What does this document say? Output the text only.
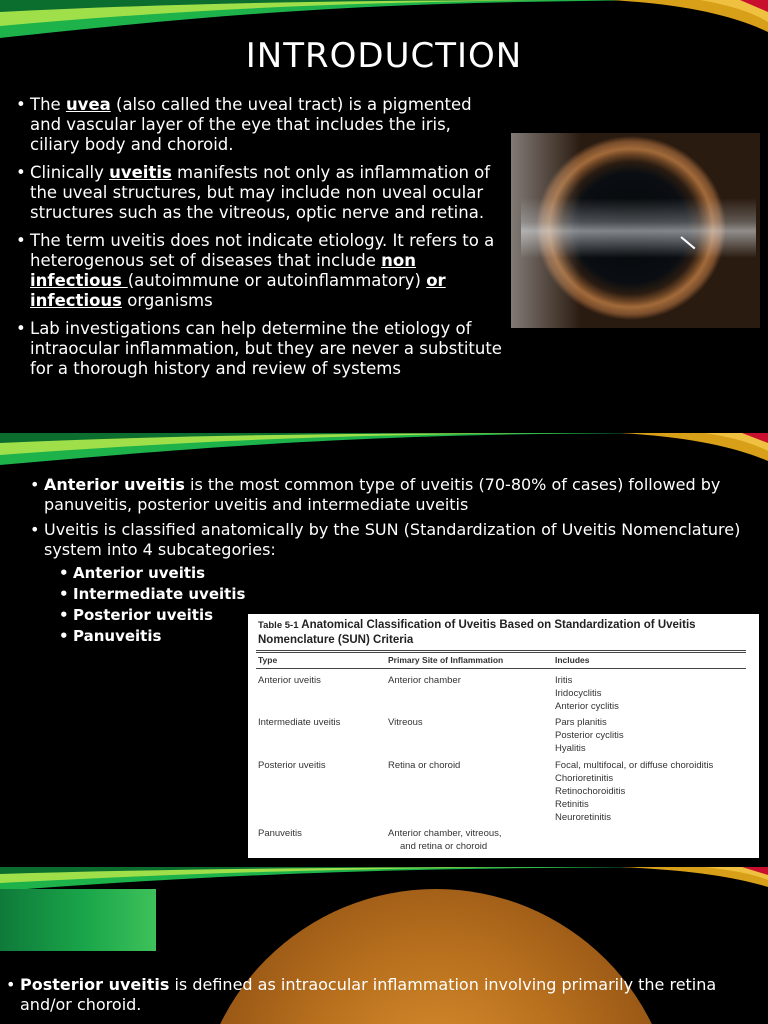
INTRODUCTION
• The uvea (also called the uveal tract) is a pigmented and vascular layer of the eye that includes the iris, ciliary body and choroid.
• Clinically uveitis manifests not only as inflammation of the uveal structures, but may include non uveal ocular structures such as the vitreous, optic nerve and retina.
• The term uveitis does not indicate etiology. It refers to a heterogenous set of diseases that include non infectious (autoimmune or autoinflammatory) or infectious organisms
• Lab investigations can help determine the etiology of intraocular inflammation, but they are never a substitute for a thorough history and review of systems
• Anterior uveitis is the most common type of uveitis (70-80% of cases) followed by panuveitis, posterior uveitis and intermediate uveitis
• Uveitis is classified anatomically by the SUN (Standardization of Uveitis Nomenclature) system into 4 subcategories:
• Anterior uveitis
• Intermediate uveitis
• Posterior uveitis
• Panuveitis
Table 5-1 Anatomical Classification of Uveitis Based on Standardization of Uveitis Nomenclature (SUN) Criteria
Type	Primary Site of Inflammation	Includes
Anterior uveitis	Anterior chamber	Iritis
Iridocyclitis
Anterior cyclitis
Intermediate uveitis	Vitreous	Pars planitis
Posterior cyclitis
Hyalitis
Posterior uveitis	Retina or choroid	Focal, multifocal, or diffuse choroiditis
Chorioretinitis
Retinochoroiditis
Retinitis
Neuroretinitis
Panuveitis	Anterior chamber, vitreous,
and retina or choroid
• Posterior uveitis is defined as intraocular inflammation involving primarily the retina and/or choroid.
